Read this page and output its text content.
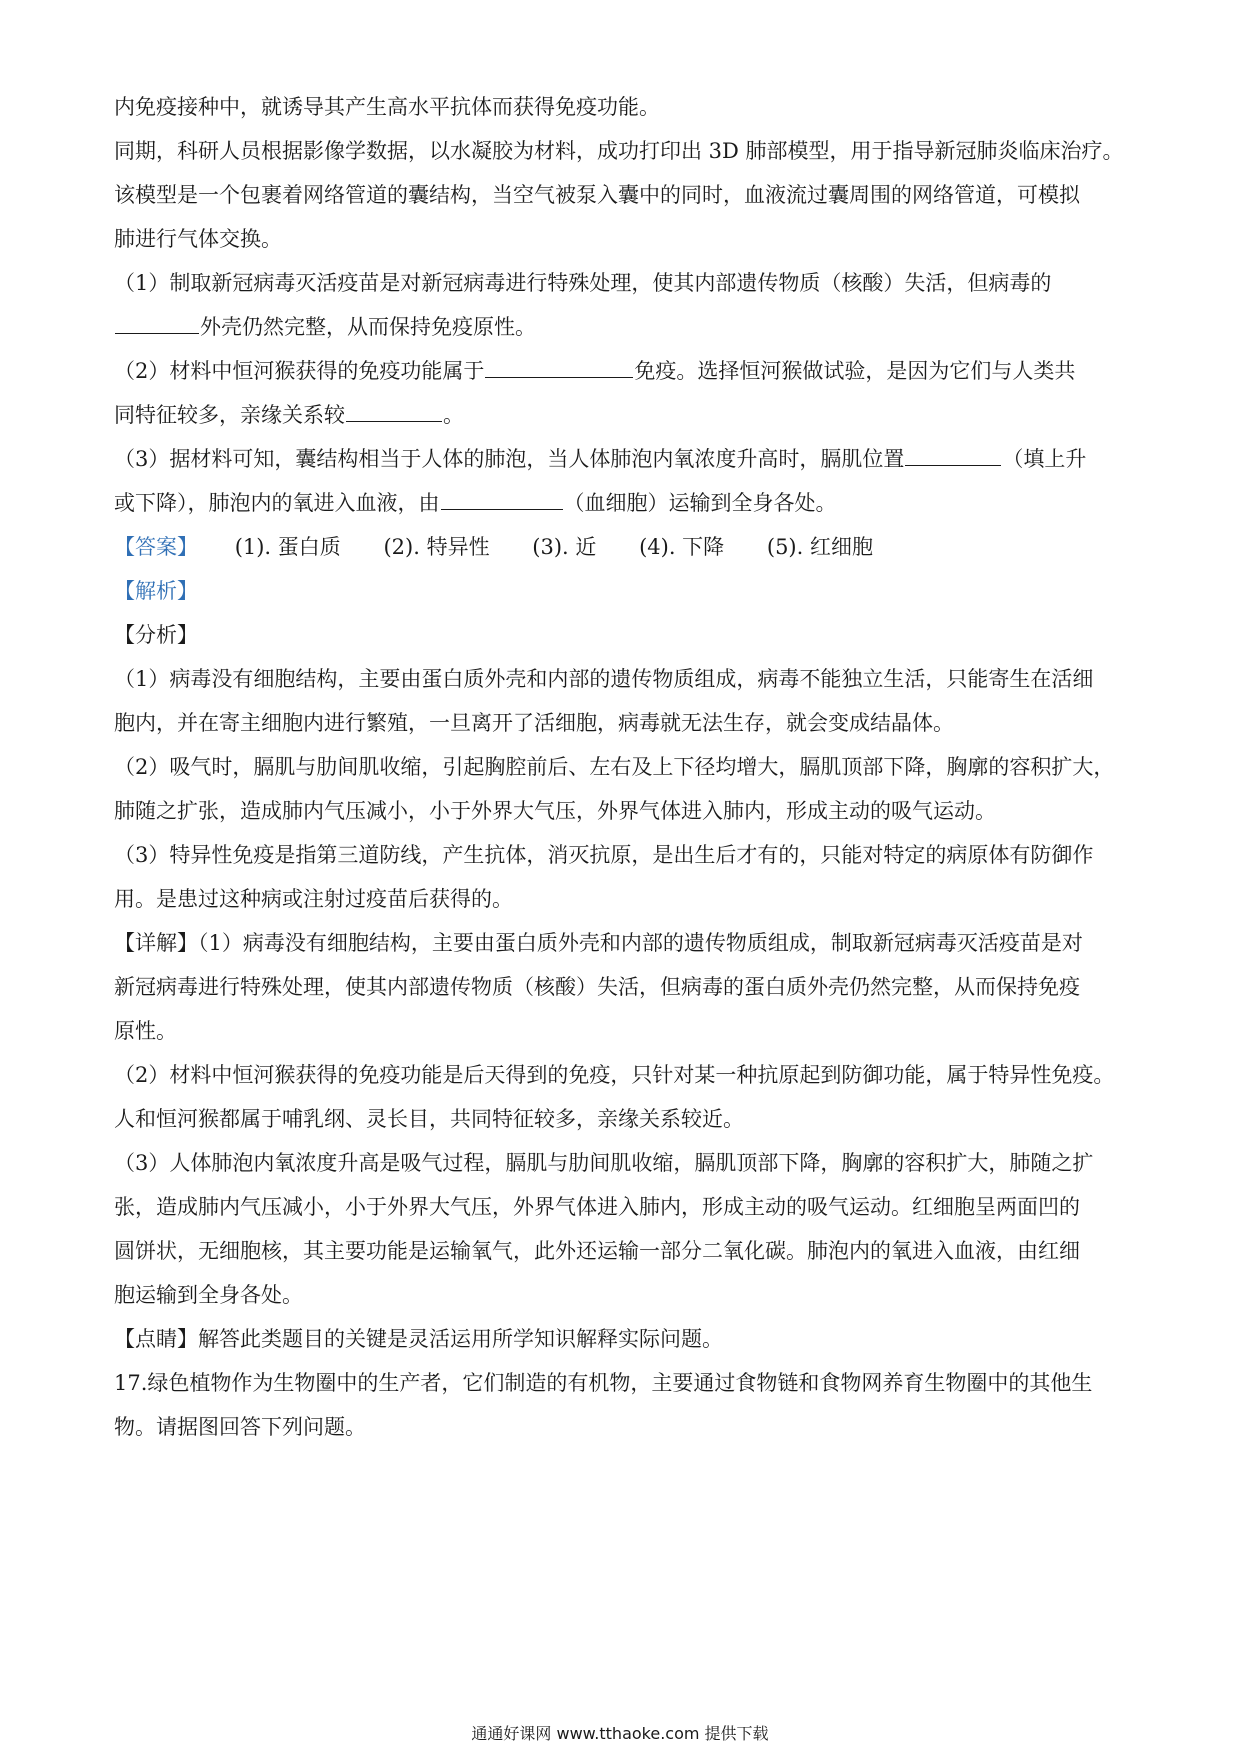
内免疫接种中，就诱导其产生高水平抗体而获得免疫功能。
同期，科研人员根据影像学数据，以水凝胶为材料，成功打印出 3D 肺部模型，用于指导新冠肺炎临床治疗。
该模型是一个包裹着网络管道的囊结构，当空气被泵入囊中的同时，血液流过囊周围的网络管道，可模拟
肺进行气体交换。
（1）制取新冠病毒灭活疫苗是对新冠病毒进行特殊处理，使其内部遗传物质（核酸）失活，但病毒的
外壳仍然完整，从而保持免疫原性。
（2）材料中恒河猴获得的免疫功能属于	免疫。选择恒河猴做试验，是因为它们与人类共
同特征较多，亲缘关系较	。
（3）据材料可知，囊结构相当于人体的肺泡，当人体肺泡内氧浓度升高时，膈肌位置	（填上升
或下降），肺泡内的氧进入血液，由	（血细胞）运输到全身各处。
【答案】 (1). 蛋白质 (2). 特异性 (3). 近 (4). 下降 (5). 红细胞
【解析】
【分析】
（1）病毒没有细胞结构，主要由蛋白质外壳和内部的遗传物质组成，病毒不能独立生活，只能寄生在活细
胞内，并在寄主细胞内进行繁殖，一旦离开了活细胞，病毒就无法生存，就会变成结晶体。
（2）吸气时，膈肌与肋间肌收缩，引起胸腔前后、左右及上下径均增大，膈肌顶部下降，胸廓的容积扩大，
肺随之扩张，造成肺内气压减小，小于外界大气压，外界气体进入肺内，形成主动的吸气运动。
（3）特异性免疫是指第三道防线，产生抗体，消灭抗原，是出生后才有的，只能对特定的病原体有防御作
用。是患过这种病或注射过疫苗后获得的。
【详解】（1）病毒没有细胞结构，主要由蛋白质外壳和内部的遗传物质组成，制取新冠病毒灭活疫苗是对
新冠病毒进行特殊处理，使其内部遗传物质（核酸）失活，但病毒的蛋白质外壳仍然完整，从而保持免疫
原性。
（2）材料中恒河猴获得的免疫功能是后天得到的免疫，只针对某一种抗原起到防御功能，属于特异性免疫。
人和恒河猴都属于哺乳纲、灵长目，共同特征较多，亲缘关系较近。
（3）人体肺泡内氧浓度升高是吸气过程，膈肌与肋间肌收缩，膈肌顶部下降，胸廓的容积扩大，肺随之扩
张，造成肺内气压减小，小于外界大气压，外界气体进入肺内，形成主动的吸气运动。红细胞呈两面凹的
圆饼状，无细胞核，其主要功能是运输氧气，此外还运输一部分二氧化碳。肺泡内的氧进入血液，由红细
胞运输到全身各处。
【点睛】解答此类题目的关键是灵活运用所学知识解释实际问题。
17.绿色植物作为生物圈中的生产者，它们制造的有机物，主要通过食物链和食物网养育生物圈中的其他生
物。请据图回答下列问题。
通通好课网 www.tthaoke.com 提供下载
